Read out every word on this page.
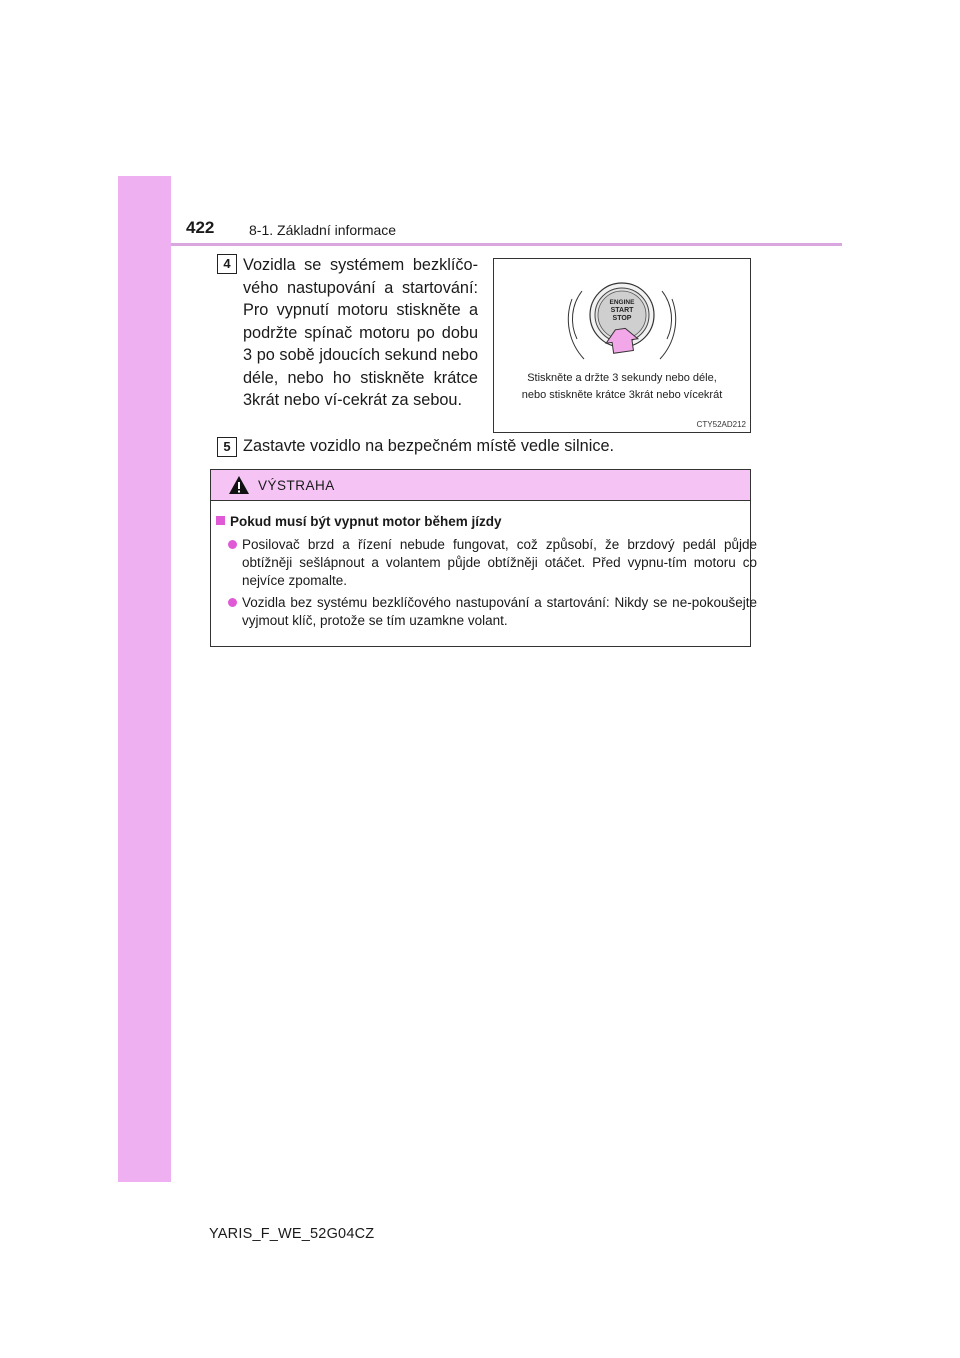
422 8-1. Základní informace
4 Vozidla se systémem bezklíčo-vého nastupování a startování: Pro vypnutí motoru stiskněte a podržte spínač motoru po dobu 3 po sobě jdoucích sekund nebo déle, nebo ho stiskněte krátce 3krát nebo ví-cekrát za sebou.
ENGINE
START
STOP
Stiskněte a držte 3 sekundy nebo déle,
nebo stiskněte krátce 3krát nebo vícekrát
CTY52AD212
5 Zastavte vozidlo na bezpečném místě vedle silnice.
VÝSTRAHA
Pokud musí být vypnut motor během jízdy
Posilovač brzd a řízení nebude fungovat, což způsobí, že brzdový pedál půjde obtížněji sešlápnout a volantem půjde obtížněji otáčet. Před vypnu-tím motoru co nejvíce zpomalte.
Vozidla bez systému bezklíčového nastupování a startování: Nikdy se ne-pokoušejte vyjmout klíč, protože se tím uzamkne volant.
YARIS_F_WE_52G04CZ
